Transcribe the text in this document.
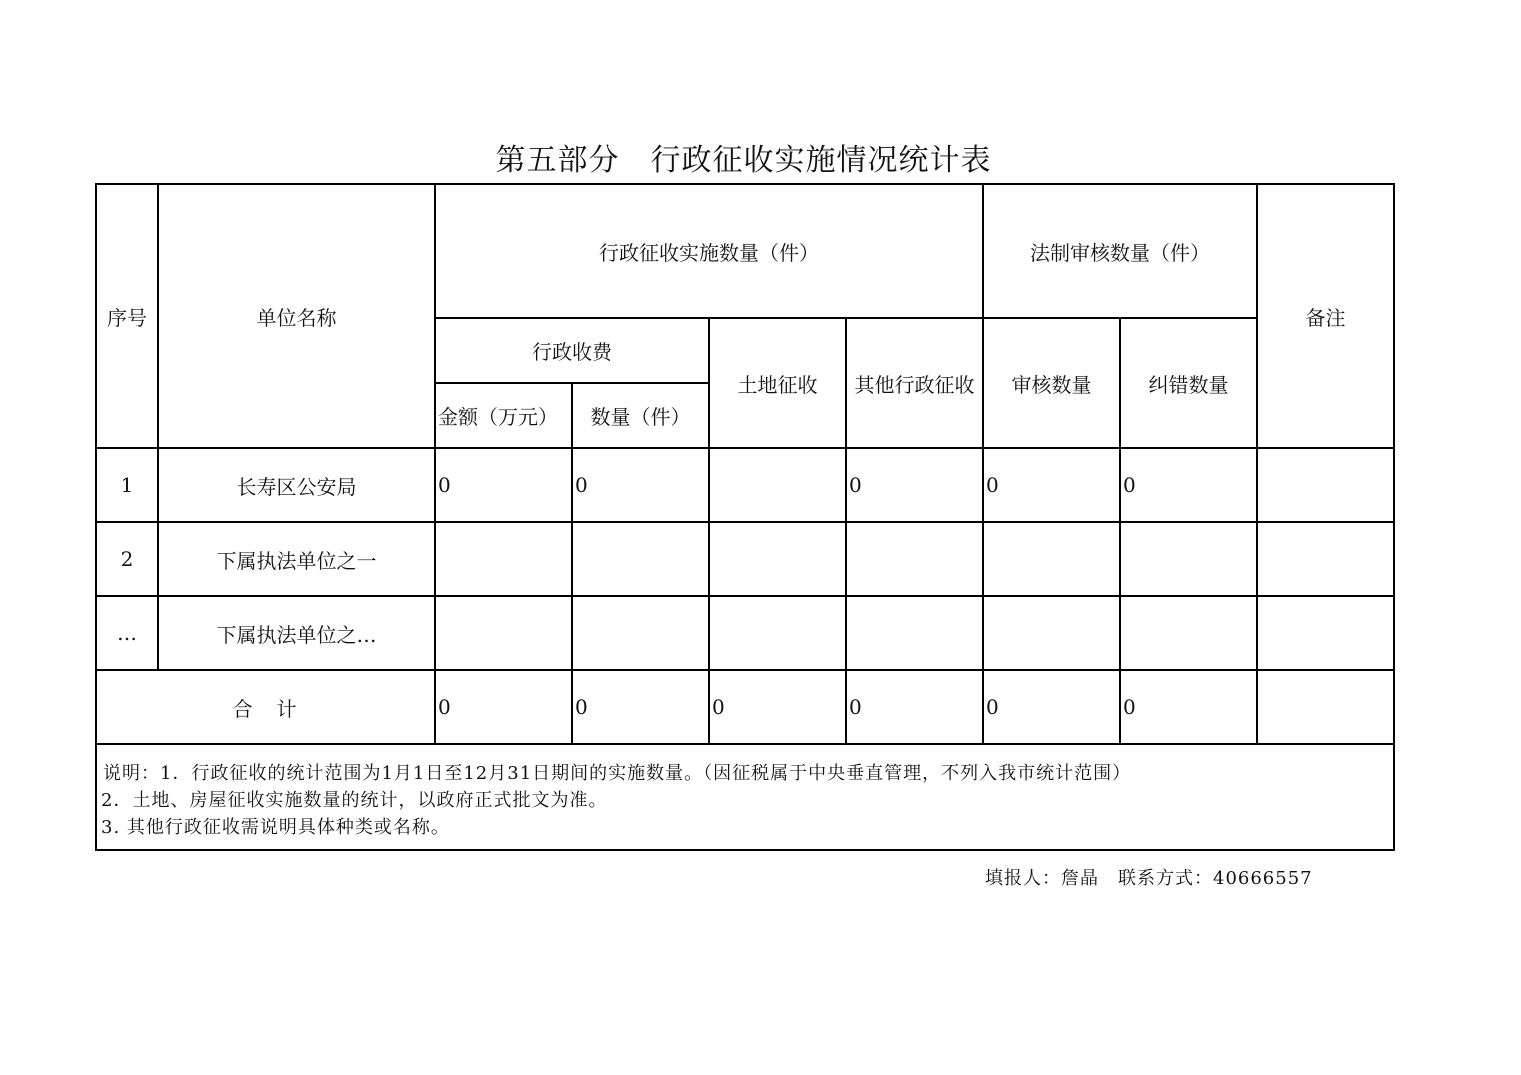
第五部分　行政征收实施情况统计表
序号	单位名称	行政征收实施数量（件）				法制审核数量（件）		备注
		行政收费		土地征收	其他行政征收	审核数量	纠错数量	
		金额（万元）	数量（件）					
1	长寿区公安局	0	0		0	0	0	
2	下属执法单位之一							
…	下属执法单位之…							
合　计		0	0	0	0	0	0	

说明：1．行政征收的统计范围为1月1日至12月31日期间的实施数量。（因征税属于中央垂直管理，不列入我市统计范围）
2．土地、房屋征收实施数量的统计，以政府正式批文为准。
3. 其他行政征收需说明具体种类或名称。								
填报人：詹晶　联系方式：40666557
